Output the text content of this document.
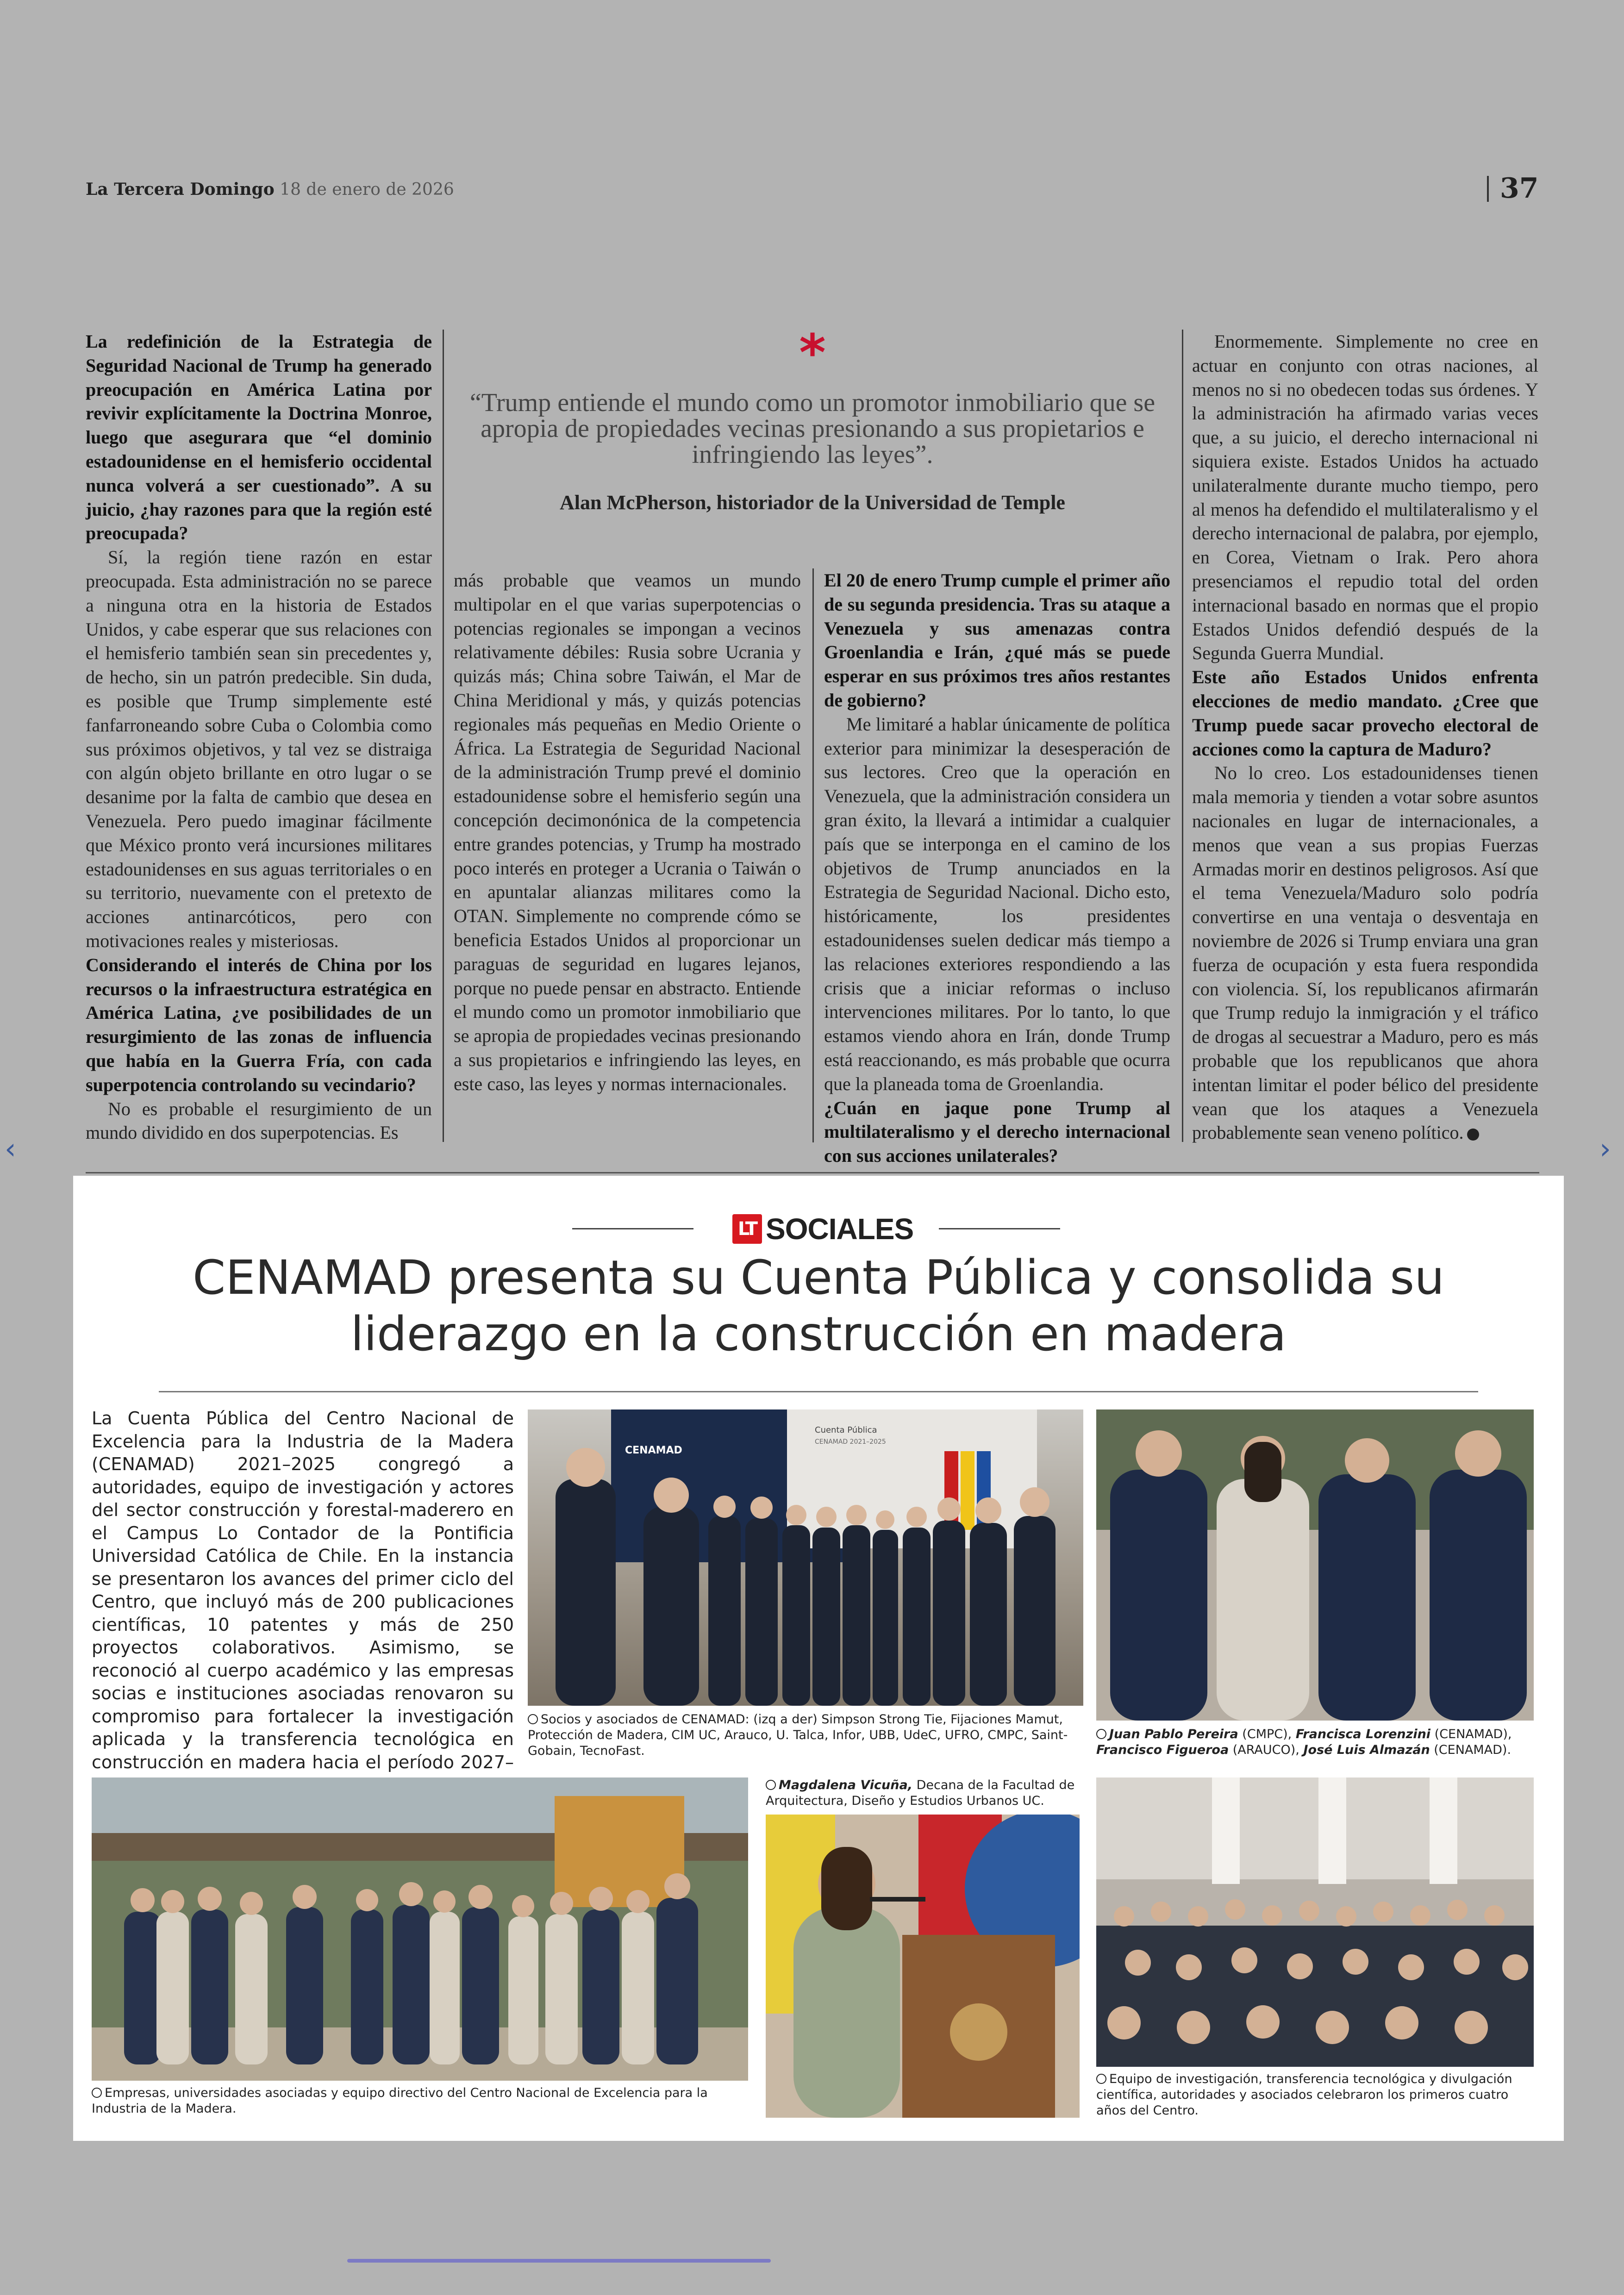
La Tercera Domingo 18 de enero de 2026	37

La redefinición de la Estrategia de Seguridad Nacional de Trump ha generado preocupación en América Latina por revivir explícitamente la Doctrina Monroe, luego que asegurara que “el dominio estadounidense en el hemisferio occidental nunca volverá a ser cuestionado”. A su juicio, ¿hay razones para que la región esté preocupada?

Sí, la región tiene razón en estar preocupada. Esta administración no se parece a ninguna otra en la historia de Estados Unidos, y cabe esperar que sus relaciones con el hemisferio también sean sin precedentes y, de hecho, sin un patrón predecible. Sin duda, es posible que Trump simplemente esté fanfarroneando sobre Cuba o Colombia como sus próximos objetivos, y tal vez se distraiga con algún objeto brillante en otro lugar o se desanime por la falta de cambio que desea en Venezuela. Pero puedo imaginar fácilmente que México pronto verá incursiones militares estadounidenses en sus aguas territoriales o en su territorio, nuevamente con el pretexto de acciones antinarcóticos, pero con motivaciones reales y misteriosas.

Considerando el interés de China por los recursos o la infraestructura estratégica en América Latina, ¿ve posibilidades de un resurgimiento de las zonas de influencia que había en la Guerra Fría, con cada superpotencia controlando su vecindario?

No es probable el resurgimiento de un mundo dividido en dos superpotencias. Es

*
“Trump entiende el mundo como un promotor inmobiliario que se apropia de propiedades vecinas presionando a sus propietarios e infringiendo las leyes”.
Alan McPherson, historiador de la Universidad de Temple

más probable que veamos un mundo multipolar en el que varias superpotencias o potencias regionales se impongan a vecinos relativamente débiles: Rusia sobre Ucrania y quizás más; China sobre Taiwán, el Mar de China Meridional y más, y quizás potencias regionales más pequeñas en Medio Oriente o África. La Estrategia de Seguridad Nacional de la administración Trump prevé el dominio estadounidense sobre el hemisferio según una concepción decimonónica de la competencia entre grandes potencias, y Trump ha mostrado poco interés en proteger a Ucrania o Taiwán o en apuntalar alianzas militares como la OTAN. Simplemente no comprende cómo se beneficia Estados Unidos al proporcionar un paraguas de seguridad en lugares lejanos, porque no puede pensar en abstracto. Entiende el mundo como un promotor inmobiliario que se apropia de propiedades vecinas presionando a sus propietarios e infringiendo las leyes, en este caso, las leyes y normas internacionales.

El 20 de enero Trump cumple el primer año de su segunda presidencia. Tras su ataque a Venezuela y sus amenazas contra Groenlandia e Irán, ¿qué más se puede esperar en sus próximos tres años restantes de gobierno?

Me limitaré a hablar únicamente de política exterior para minimizar la desesperación de sus lectores. Creo que la operación en Venezuela, que la administración considera un gran éxito, la llevará a intimidar a cualquier país que se interponga en el camino de los objetivos de Trump anunciados en la Estrategia de Seguridad Nacional. Dicho esto, históricamente, los presidentes estadounidenses suelen dedicar más tiempo a las relaciones exteriores respondiendo a las crisis que a iniciar reformas o incluso intervenciones militares. Por lo tanto, lo que estamos viendo ahora en Irán, donde Trump está reaccionando, es más probable que ocurra que la planeada toma de Groenlandia.

¿Cuán en jaque pone Trump al multilateralismo y el derecho internacional con sus acciones unilaterales?

Enormemente. Simplemente no cree en actuar en conjunto con otras naciones, al menos no si no obedecen todas sus órdenes. Y la administración ha afirmado varias veces que, a su juicio, el derecho internacional ni siquiera existe. Estados Unidos ha actuado unilateralmente durante mucho tiempo, pero al menos ha defendido el multilateralismo y el derecho internacional de palabra, por ejemplo, en Corea, Vietnam o Irak. Pero ahora presenciamos el repudio total del orden internacional basado en normas que el propio Estados Unidos defendió después de la Segunda Guerra Mundial.

Este año Estados Unidos enfrenta elecciones de medio mandato. ¿Cree que Trump puede sacar provecho electoral de acciones como la captura de Maduro?

No lo creo. Los estadounidenses tienen mala memoria y tienden a votar sobre asuntos nacionales en lugar de internacionales, a menos que vean a sus propias Fuerzas Armadas morir en destinos peligrosos. Así que el tema Venezuela/Maduro solo podría convertirse en una ventaja o desventaja en noviembre de 2026 si Trump enviara una gran fuerza de ocupación y esta fuera respondida con violencia. Sí, los republicanos afirmarán que Trump redujo la inmigración y el tráfico de drogas al secuestrar a Maduro, pero es más probable que los republicanos que ahora intentan limitar el poder bélico del presidente vean que los ataques a Venezuela probablemente sean veneno político.

‹	›
LT SOCIALES
CENAMAD presenta su Cuenta Pública y consolida su liderazgo en la construcción en madera
La Cuenta Pública del Centro Nacional de Excelencia para la Industria de la Madera (CENAMAD) 2021–2025 congregó a autoridades, equipo de investigación y actores del sector construcción y forestal-maderero en el Campus Lo Contador de la Pontificia Universidad Católica de Chile. En la instancia se presentaron los avances del primer ciclo del Centro, que incluyó más de 200 publicaciones científicas, 10 patentes y más de 250 proyectos colaborativos. Asimismo, se reconoció al cuerpo académico y las empresas socias e instituciones asociadas renovaron su compromiso para fortalecer la investigación aplicada y la transferencia tecnológica en construcción en madera hacia el período 2027–
Cuenta Pública
CENAMAD 2021–2025
CENAMAD
Socios y asociados de CENAMAD: (izq a der) Simpson Strong Tie, Fijaciones Mamut, Protección de Madera, CIM UC, Arauco, U. Talca, Infor, UBB, UdeC, UFRO, CMPC, Saint-Gobain, TecnoFast.
Juan Pablo Pereira (CMPC), Francisca Lorenzini (CENAMAD), Francisco Figueroa (ARAUCO), José Luis Almazán (CENAMAD).
Empresas, universidades asociadas y equipo directivo del Centro Nacional de Excelencia para la Industria de la Madera.
Magdalena Vicuña, Decana de la Facultad de Arquitectura, Diseño y Estudios Urbanos UC.
Equipo de investigación, transferencia tecnológica y divulgación científica, autoridades y asociados celebraron los primeros cuatro años del Centro.
